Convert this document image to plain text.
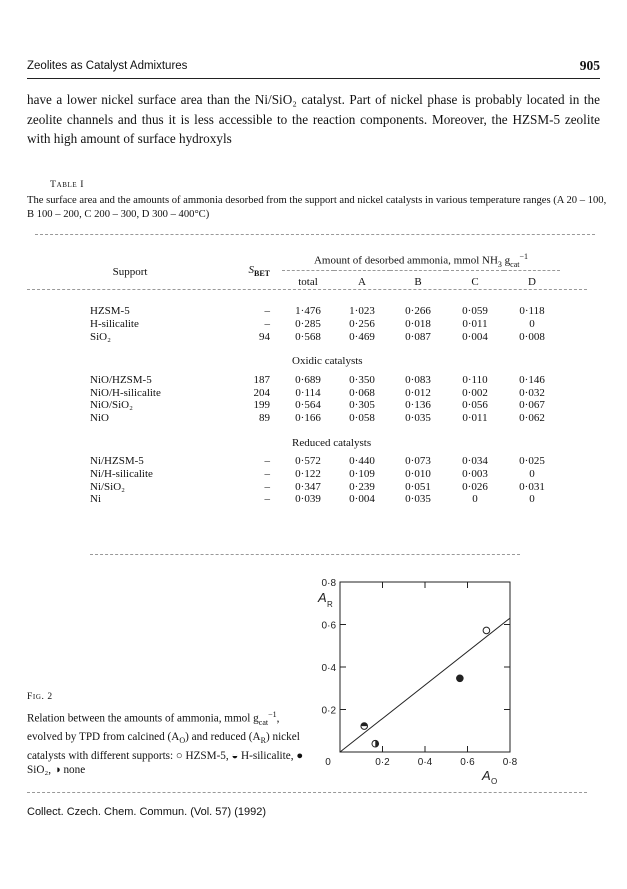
Zeolites as Catalyst Admixtures	905

have a lower nickel surface area than the Ni/SiO₂ catalyst. Part of nickel phase is probably located in the zeolite channels and thus it is less accessible to the reaction components. Moreover, the HZSM-5 zeolite with high amount of surface hydroxyls

Table I
The surface area and the amounts of ammonia desorbed from the support and nickel catalysts in various temperature ranges (A 20 – 100, B 100 – 200, C 200 – 300, D 300 – 400°C)
Support	$S_{BET}$	Amount of desorbed ammonia, mmol $NH_3$ $g_{cat}^{-1}$
		total	A	B	C	D

HZSM-5	–	1·476	1·023	0·266	0·059	0·118
H-silicalite	–	0·285	0·256	0·018	0·011	0
SiO₂	94	0·568	0·469	0·087	0·004	0·008

		Oxidic catalysts				
NiO/HZSM-5	187	0·689	0·350	0·083	0·110	0·146
NiO/H-silicalite	204	0·114	0·068	0·012	0·002	0·032
NiO/SiO₂	199	0·564	0·305	0·136	0·056	0·067
NiO	89	0·166	0·058	0·035	0·011	0·062

		Reduced catalysts				
Ni/HZSM-5	–	0·572	0·440	0·073	0·034	0·025
Ni/H-silicalite	–	0·122	0·109	0·010	0·003	0
Ni/SiO₂	–	0·347	0·239	0·051	0·026	0·031
Ni	–	0·039	0·004	0·035	0	0
0	0·2
0·2
0·4
0·4
0·6
0·6
0·8
0·8
A R
A O
Fig. 2
Relation between the amounts of ammonia, mmol $g_{cat}^{-1}$, evolved by TPD from calcined $(A_O)$ and reduced $(A_R)$ nickel catalysts with different supports: ○ HZSM-5, ◒ H-silicalite, ● SiO₂, ◑ none
Collect. Czech. Chem. Commun. (Vol. 57) (1992)
